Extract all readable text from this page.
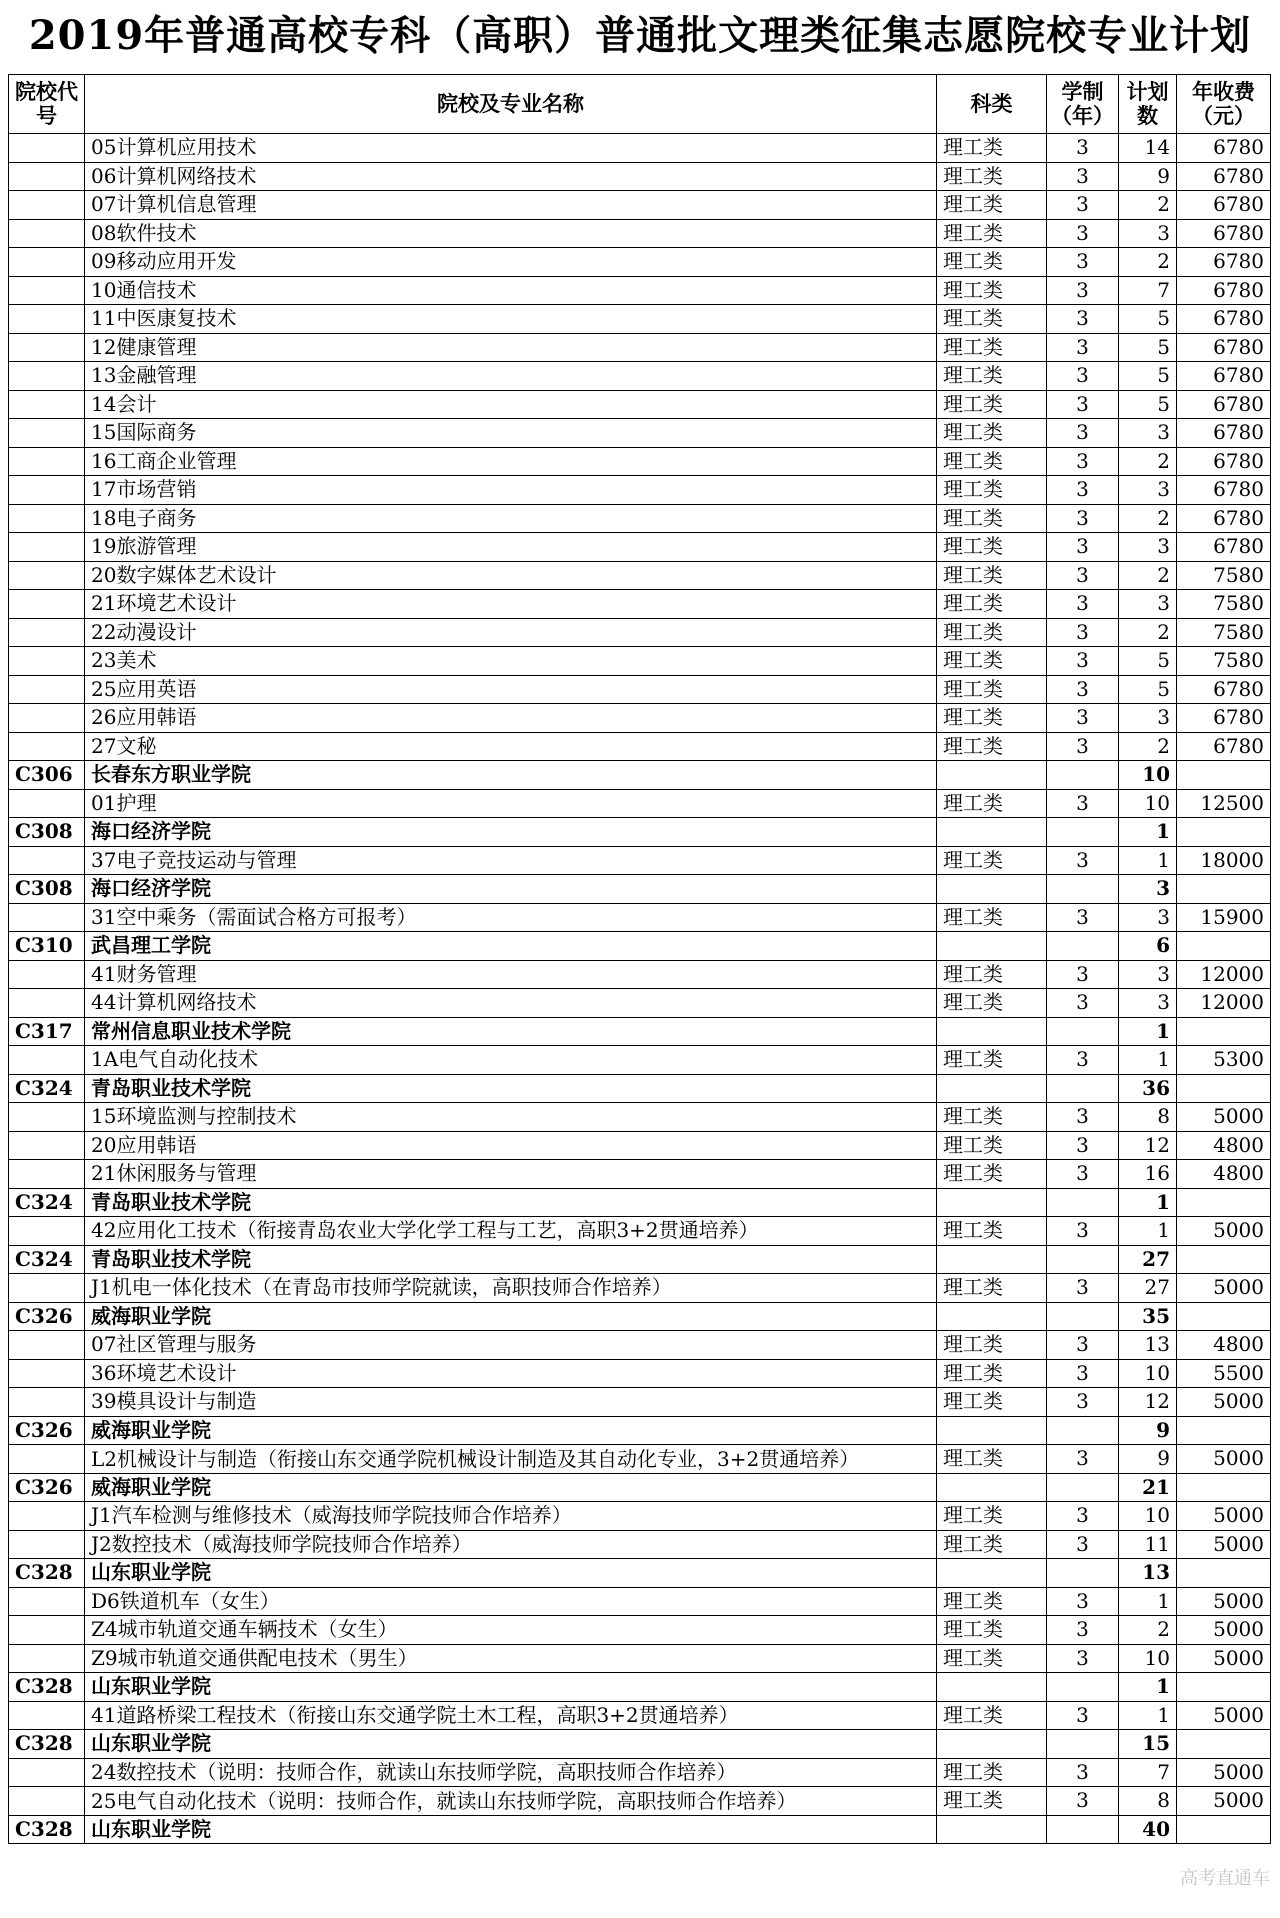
2019年普通高校专科（高职）普通批文理类征集志愿院校专业计划
院校代号	院校及专业名称	科类	学制（年）	计划数	年收费（元）
	05计算机应用技术	理工类	3	14	6780
	06计算机网络技术	理工类	3	9	6780
	07计算机信息管理	理工类	3	2	6780
	08软件技术	理工类	3	3	6780
	09移动应用开发	理工类	3	2	6780
	10通信技术	理工类	3	7	6780
	11中医康复技术	理工类	3	5	6780
	12健康管理	理工类	3	5	6780
	13金融管理	理工类	3	5	6780
	14会计	理工类	3	5	6780
	15国际商务	理工类	3	3	6780
	16工商企业管理	理工类	3	2	6780
	17市场营销	理工类	3	3	6780
	18电子商务	理工类	3	2	6780
	19旅游管理	理工类	3	3	6780
	20数字媒体艺术设计	理工类	3	2	7580
	21环境艺术设计	理工类	3	3	7580
	22动漫设计	理工类	3	2	7580
	23美术	理工类	3	5	7580
	25应用英语	理工类	3	5	6780
	26应用韩语	理工类	3	3	6780
	27文秘	理工类	3	2	6780
C306	长春东方职业学院			10	
	01护理	理工类	3	10	12500
C308	海口经济学院			1	
	37电子竞技运动与管理	理工类	3	1	18000
C308	海口经济学院			3	
	31空中乘务（需面试合格方可报考）	理工类	3	3	15900
C310	武昌理工学院			6	
	41财务管理	理工类	3	3	12000
	44计算机网络技术	理工类	3	3	12000
C317	常州信息职业技术学院			1	
	1A电气自动化技术	理工类	3	1	5300
C324	青岛职业技术学院			36	
	15环境监测与控制技术	理工类	3	8	5000
	20应用韩语	理工类	3	12	4800
	21休闲服务与管理	理工类	3	16	4800
C324	青岛职业技术学院			1	
	42应用化工技术（衔接青岛农业大学化学工程与工艺，高职3+2贯通培养）	理工类	3	1	5000
C324	青岛职业技术学院			27	
	J1机电一体化技术（在青岛市技师学院就读，高职技师合作培养）	理工类	3	27	5000
C326	威海职业学院			35	
	07社区管理与服务	理工类	3	13	4800
	36环境艺术设计	理工类	3	10	5500
	39模具设计与制造	理工类	3	12	5000
C326	威海职业学院			9	
	L2机械设计与制造（衔接山东交通学院机械设计制造及其自动化专业，3+2贯通培养）	理工类	3	9	5000
C326	威海职业学院			21	
	J1汽车检测与维修技术（威海技师学院技师合作培养）	理工类	3	10	5000
	J2数控技术（威海技师学院技师合作培养）	理工类	3	11	5000
C328	山东职业学院			13	
	D6铁道机车（女生）	理工类	3	1	5000
	Z4城市轨道交通车辆技术（女生）	理工类	3	2	5000
	Z9城市轨道交通供配电技术（男生）	理工类	3	10	5000
C328	山东职业学院			1	
	41道路桥梁工程技术（衔接山东交通学院土木工程，高职3+2贯通培养）	理工类	3	1	5000
C328	山东职业学院			15	
	24数控技术（说明：技师合作，就读山东技师学院，高职技师合作培养）	理工类	3	7	5000
	25电气自动化技术（说明：技师合作，就读山东技师学院，高职技师合作培养）	理工类	3	8	5000
C328	山东职业学院			40	
高考直通车
